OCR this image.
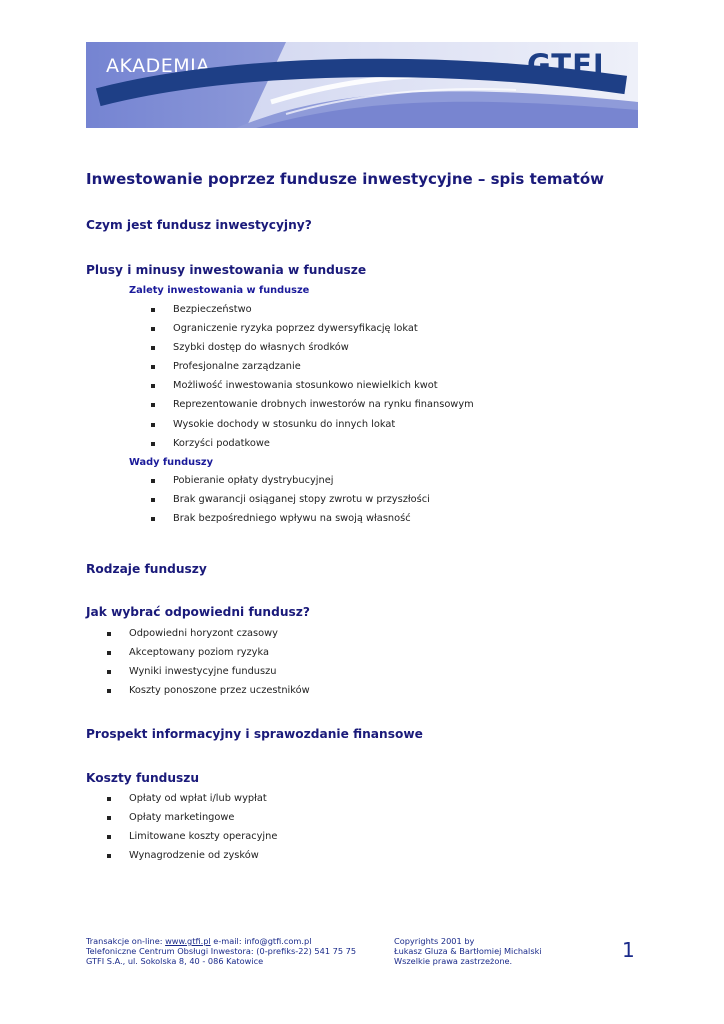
AKADEMIA	GTFI
Inwestowanie poprzez fundusze inwestycyjne – spis tematów
Czym jest fundusz inwestycyjny?
Plusy i minusy inwestowania w fundusze
Zalety inwestowania w fundusze
Bezpieczeństwo
Ograniczenie ryzyka poprzez dywersyfikację lokat
Szybki dostęp do własnych środków
Profesjonalne zarządzanie
Możliwość inwestowania stosunkowo niewielkich kwot
Reprezentowanie drobnych inwestorów na rynku finansowym
Wysokie dochody w stosunku do innych lokat
Korzyści podatkowe
Wady funduszy
Pobieranie opłaty dystrybucyjnej
Brak gwarancji osiąganej stopy zwrotu w przyszłości
Brak bezpośredniego wpływu na swoją własność
Rodzaje funduszy
Jak wybrać odpowiedni fundusz?
Odpowiedni horyzont czasowy
Akceptowany poziom ryzyka
Wyniki inwestycyjne funduszu
Koszty ponoszone przez uczestników
Prospekt informacyjny i sprawozdanie finansowe
Koszty funduszu
Opłaty od wpłat i/lub wypłat
Opłaty marketingowe
Limitowane koszty operacyjne
Wynagrodzenie od zysków
Transakcje on-line: www.gtfi.pl e-mail: info@gtfi.com.pl
Telefoniczne Centrum Obsługi Inwestora: (0-prefiks-22) 541 75 75
GTFI S.A., ul. Sokolska 8, 40 - 086 Katowice
Copyrights 2001 by
Łukasz Gluza & Bartłomiej Michalski
Wszelkie prawa zastrzeżone.	1
